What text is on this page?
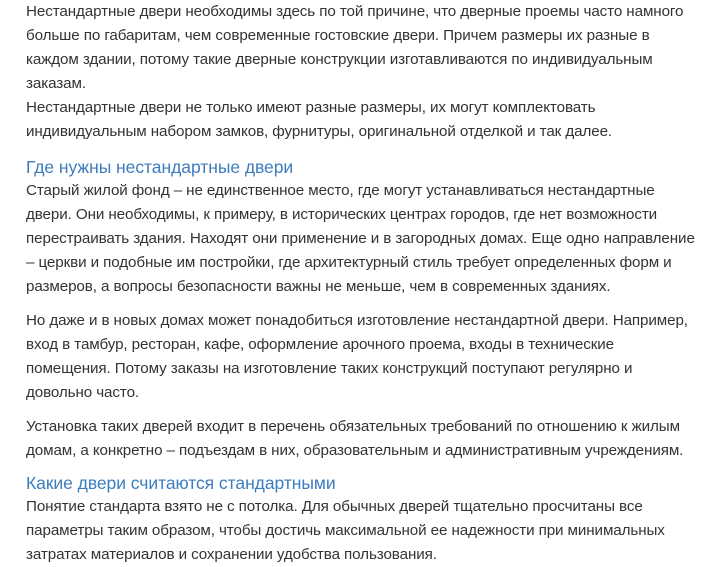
Нестандартные двери необходимы здесь по той причине, что дверные проемы часто намного больше по габаритам, чем современные гостовские двери. Причем размеры их разные в каждом здании, потому такие дверные конструкции изготавливаются по индивидуальным заказам.

Нестандартные двери не только имеют разные размеры, их могут комплектовать индивидуальным набором замков, фурнитуры, оригинальной отделкой и так далее.

Где нужны нестандартные двери

Старый жилой фонд – не единственное место, где могут устанавливаться нестандартные двери. Они необходимы, к примеру, в исторических центрах городов, где нет возможности перестраивать здания. Находят они применение и в загородных домах. Еще одно направление – церкви и подобные им постройки, где архитектурный стиль требует определенных форм и размеров, а вопросы безопасности важны не меньше, чем в современных зданиях.

Но даже и в новых домах может понадобиться изготовление нестандартной двери. Например, вход в тамбур, ресторан, кафе, оформление арочного проема, входы в технические помещения. Потому заказы на изготовление таких конструкций поступают регулярно и довольно часто.

Установка таких дверей входит в перечень обязательных требований по отношению к жилым домам, а конкретно – подъездам в них, образовательным и административным учреждениям.

Какие двери считаются стандартными

Понятие стандарта взято не с потолка. Для обычных дверей тщательно просчитаны все параметры таким образом, чтобы достичь максимальной ее надежности при минимальных затратах материалов и сохранении удобства пользования.
